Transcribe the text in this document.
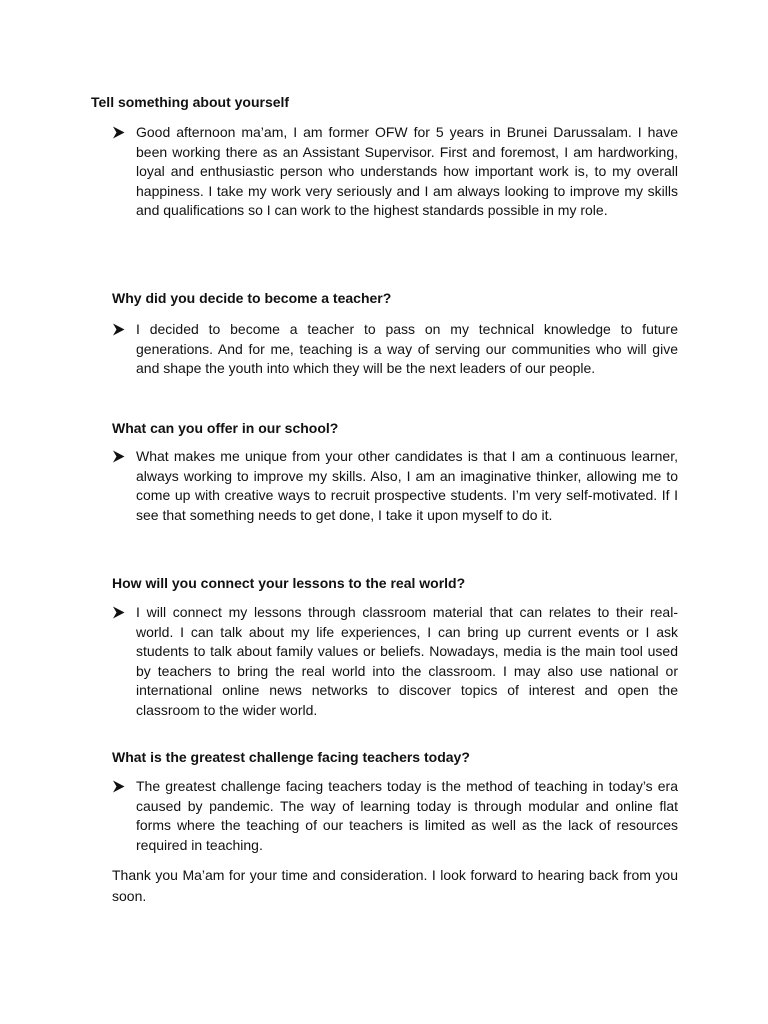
Tell something about yourself

Good afternoon ma’am, I am former OFW for 5 years in Brunei Darussalam. I have been working there as an Assistant Supervisor. First and foremost, I am hardworking, loyal and enthusiastic person who understands how important work is, to my overall happiness. I take my work very seriously and I am always looking to improve my skills and qualifications so I can work to the highest standards possible in my role.

Why did you decide to become a teacher?

I decided to become a teacher to pass on my technical knowledge to future generations. And for me, teaching is a way of serving our communities who will give and shape the youth into which they will be the next leaders of our people.

What can you offer in our school?

What makes me unique from your other candidates is that I am a continuous learner, always working to improve my skills. Also, I am an imaginative thinker, allowing me to come up with creative ways to recruit prospective students. I’m very self-motivated. If I see that something needs to get done, I take it upon myself to do it.

How will you connect your lessons to the real world?

I will connect my lessons through classroom material that can relates to their real-world. I can talk about my life experiences, I can bring up current events or I ask students to talk about family values or beliefs. Nowadays, media is the main tool used by teachers to bring the real world into the classroom. I may also use national or international online news networks to discover topics of interest and open the classroom to the wider world.

What is the greatest challenge facing teachers today?

The greatest challenge facing teachers today is the method of teaching in today’s era caused by pandemic. The way of learning today is through modular and online flat forms where the teaching of our teachers is limited as well as the lack of resources required in teaching.

Thank you Ma’am for your time and consideration. I look forward to hearing back from you soon.
